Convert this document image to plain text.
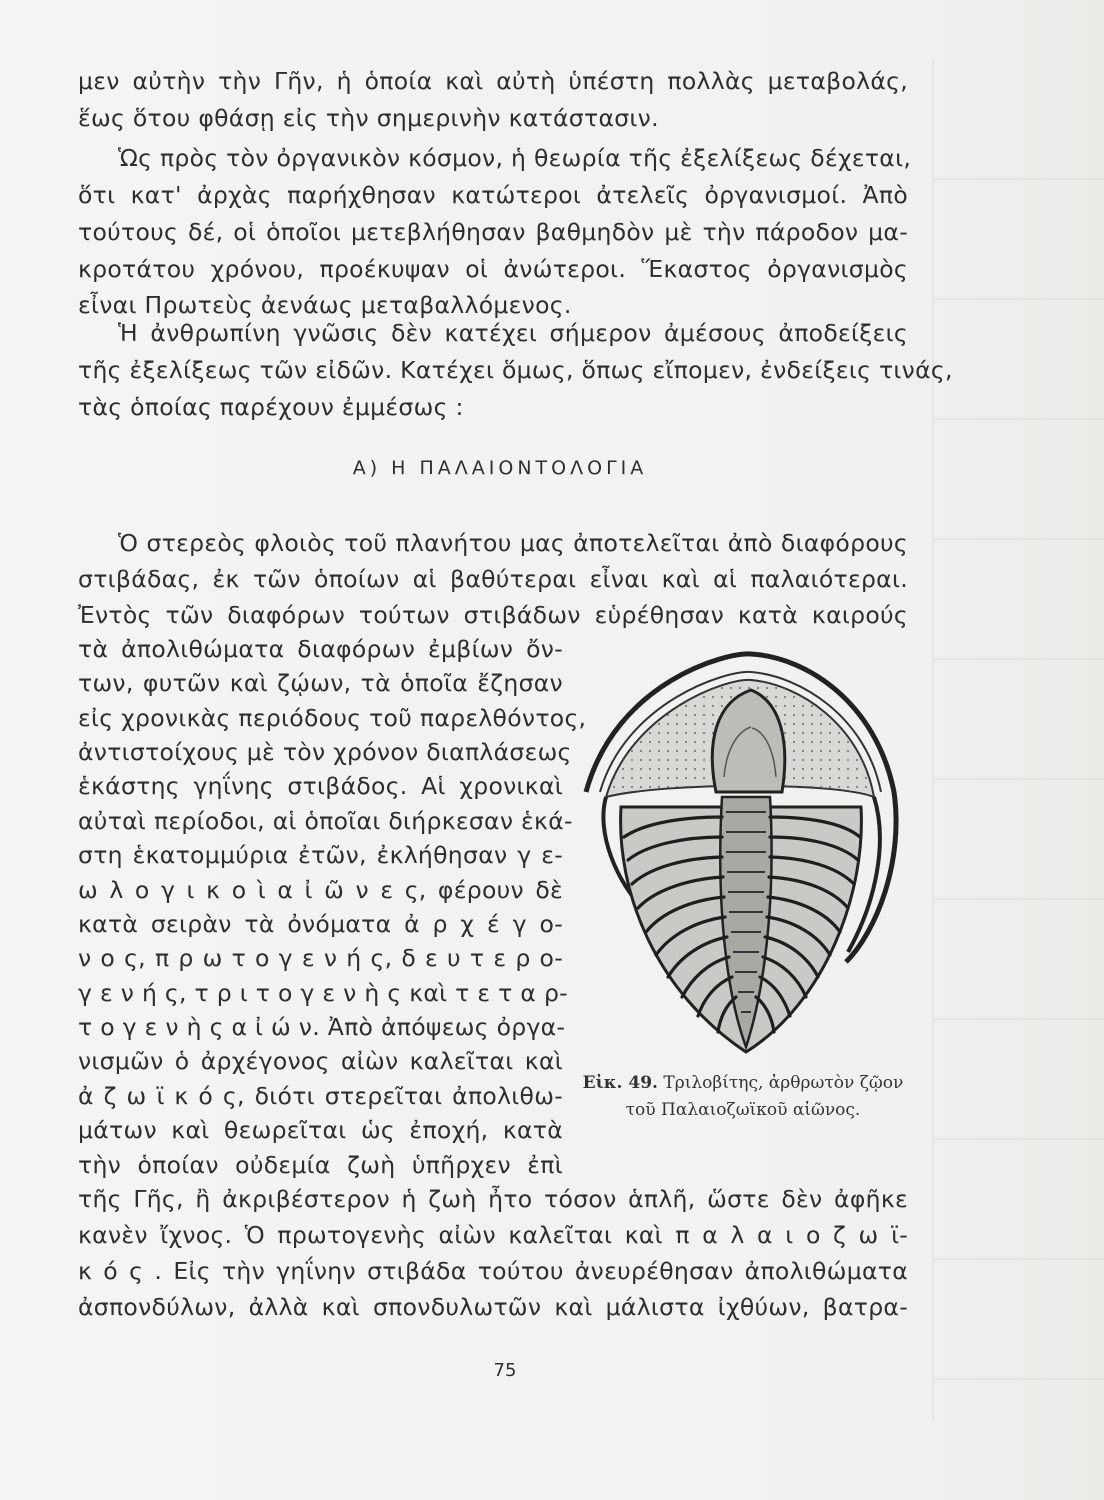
μεν αὐτὴν τὴν Γῆν, ἡ ὁποία καὶ αὐτὴ ὑπέστη πολλὰς μεταβολάς,
ἕως ὅτου φθάσῃ εἰς τὴν σημερινὴν κατάστασιν.
Ὡς πρὸς τὸν ὀργανικὸν κόσμον, ἡ θεωρία τῆς ἐξελίξεως δέχεται,
ὅτι κατ' ἀρχὰς παρήχθησαν κατώτεροι ἀτελεῖς ὀργανισμοί. Ἀπὸ
τούτους δέ, οἱ ὁποῖοι μετεβλήθησαν βαθμηδὸν μὲ τὴν πάροδον μα-
κροτάτου χρόνου, προέκυψαν οἱ ἀνώτεροι. Ἕκαστος ὀργανισμὸς
εἶναι Πρωτεὺς ἀενάως μεταβαλλόμενος.
Ἡ ἀνθρωπίνη γνῶσις δὲν κατέχει σήμερον ἀμέσους ἀποδείξεις
τῆς ἐξελίξεως τῶν εἰδῶν. Κατέχει ὅμως, ὅπως εἴπομεν, ἐνδείξεις τινάς,
τὰς ὁποίας παρέχουν ἐμμέσως :
Α) Η ΠΑΛΑΙΟΝΤΟΛΟΓΙΑ
Ὁ στερεὸς φλοιὸς τοῦ πλανήτου μας ἀποτελεῖται ἀπὸ διαφόρους
στιβάδας, ἐκ τῶν ὁποίων αἱ βαθύτεραι εἶναι καὶ αἱ παλαιότεραι.
Ἐντὸς τῶν διαφόρων τούτων στιβάδων εὑρέθησαν κατὰ καιρούς
τὰ ἀπολιθώματα διαφόρων ἐμβίων ὄν-
των, φυτῶν καὶ ζῴων, τὰ ὁποῖα ἔζησαν
εἰς χρονικὰς περιόδους τοῦ παρελθόντος,
ἀντιστοίχους μὲ τὸν χρόνον διαπλάσεως
ἑκάστης γηΐνης στιβάδος. Αἱ χρονικαὶ
αὐταὶ περίοδοι, αἱ ὁποῖαι διήρκεσαν ἑκά-
στη ἑκατομμύρια ἐτῶν, ἐκλήθησαν γ ε-
ω λ ο γ ι κ ο ὶ α ἰ ῶ ν ε ς, φέρουν δὲ
κατὰ σειρὰν τὰ ὀνόματα ἀ ρ χ έ γ ο-
ν ο ς, π ρ ω τ ο γ ε ν ή ς, δ ε υ τ ε ρ ο-
γ ε ν ή ς, τ ρ ι τ ο γ ε ν ὴ ς καὶ τ ε τ α ρ-
τ ο γ ε ν ὴ ς α ἰ ώ ν. Ἀπὸ ἀπόψεως ὀργα-
νισμῶν ὁ ἀρχέγονος αἰὼν καλεῖται καὶ
ἀ ζ ω ϊ κ ό ς, διότι στερεῖται ἀπολιθω-
μάτων καὶ θεωρεῖται ὡς ἐποχή, κατὰ
τὴν ὁποίαν οὐδεμία ζωὴ ὑπῆρχεν ἐπὶ
τῆς Γῆς, ἢ ἀκριβέστερον ἡ ζωὴ ἦτο τόσον ἁπλῆ, ὥστε δὲν ἀφῆκε
κανὲν ἴχνος. Ὁ πρωτογενὴς αἰὼν καλεῖται καὶ π α λ α ι ο ζ ω ϊ-
κ ό ς . Εἰς τὴν γηΐνην στιβάδα τούτου ἀνευρέθησαν ἀπολιθώματα
ἀσπονδύλων, ἀλλὰ καὶ σπονδυλωτῶν καὶ μάλιστα ἰχθύων, βατρα-
Εἰκ. 49. Τριλοβίτης, ἀρθρωτὸν ζῷον τοῦ Παλαιοζωϊκοῦ αἰῶνος.
75
